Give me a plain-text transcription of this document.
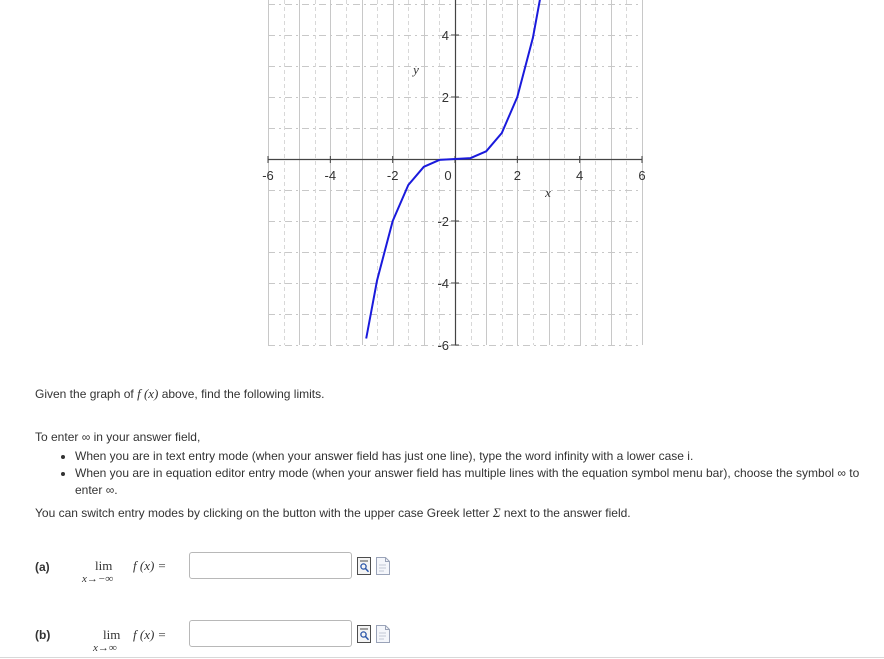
-6	-4	-2	0	2	4	6
-6
-4
-2
2
4
x
y
Given the graph of f (x) above, find the following limits.
To enter ∞ in your answer field,
• When you are in text entry mode (when your answer field has just one line), type the word infinity with a lower case i.
• When you are in equation editor entry mode (when your answer field has multiple lines with the equation symbol menu bar), choose the symbol ∞ to enter ∞.
You can switch entry modes by clicking on the button with the upper case Greek letter Σ next to the answer field.
(a)	lim
x→−∞
f (x) =
(b)	lim
x→∞
f (x) =
